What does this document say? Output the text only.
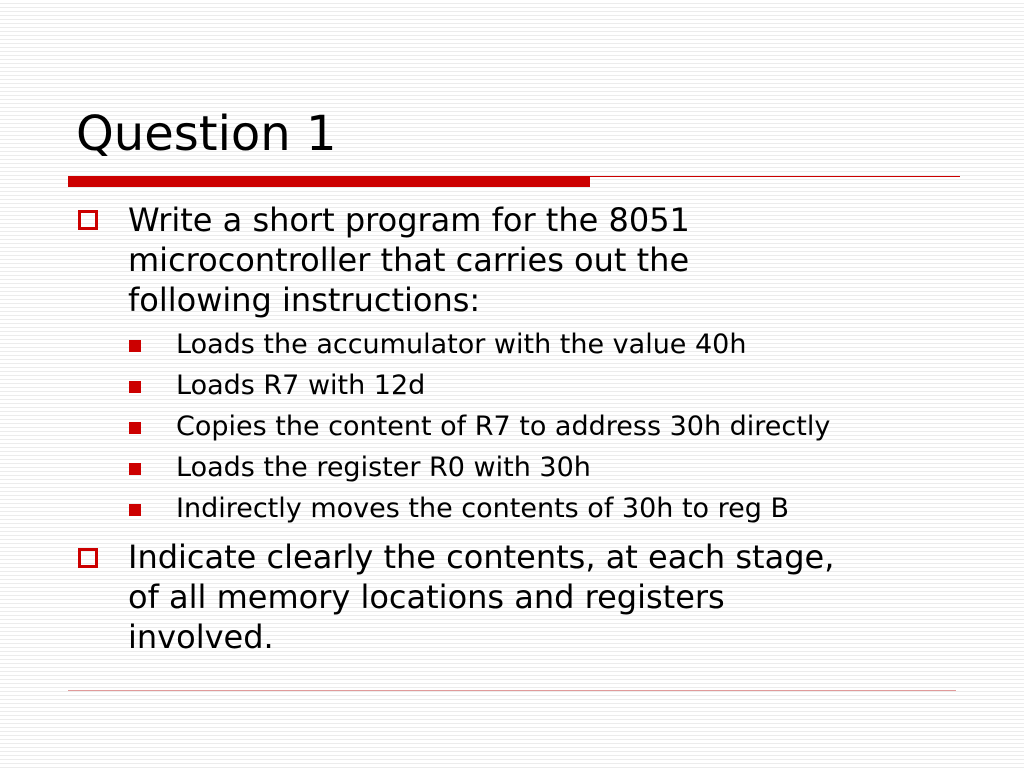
Question 1
Write a short program for the 8051
microcontroller that carries out the
following instructions:
Loads the accumulator with the value 40h
Loads R7 with 12d
Copies the content of R7 to address 30h directly
Loads the register R0 with 30h
Indirectly moves the contents of 30h to reg B
Indicate clearly the contents, at each stage,
of all memory locations and registers
involved.
